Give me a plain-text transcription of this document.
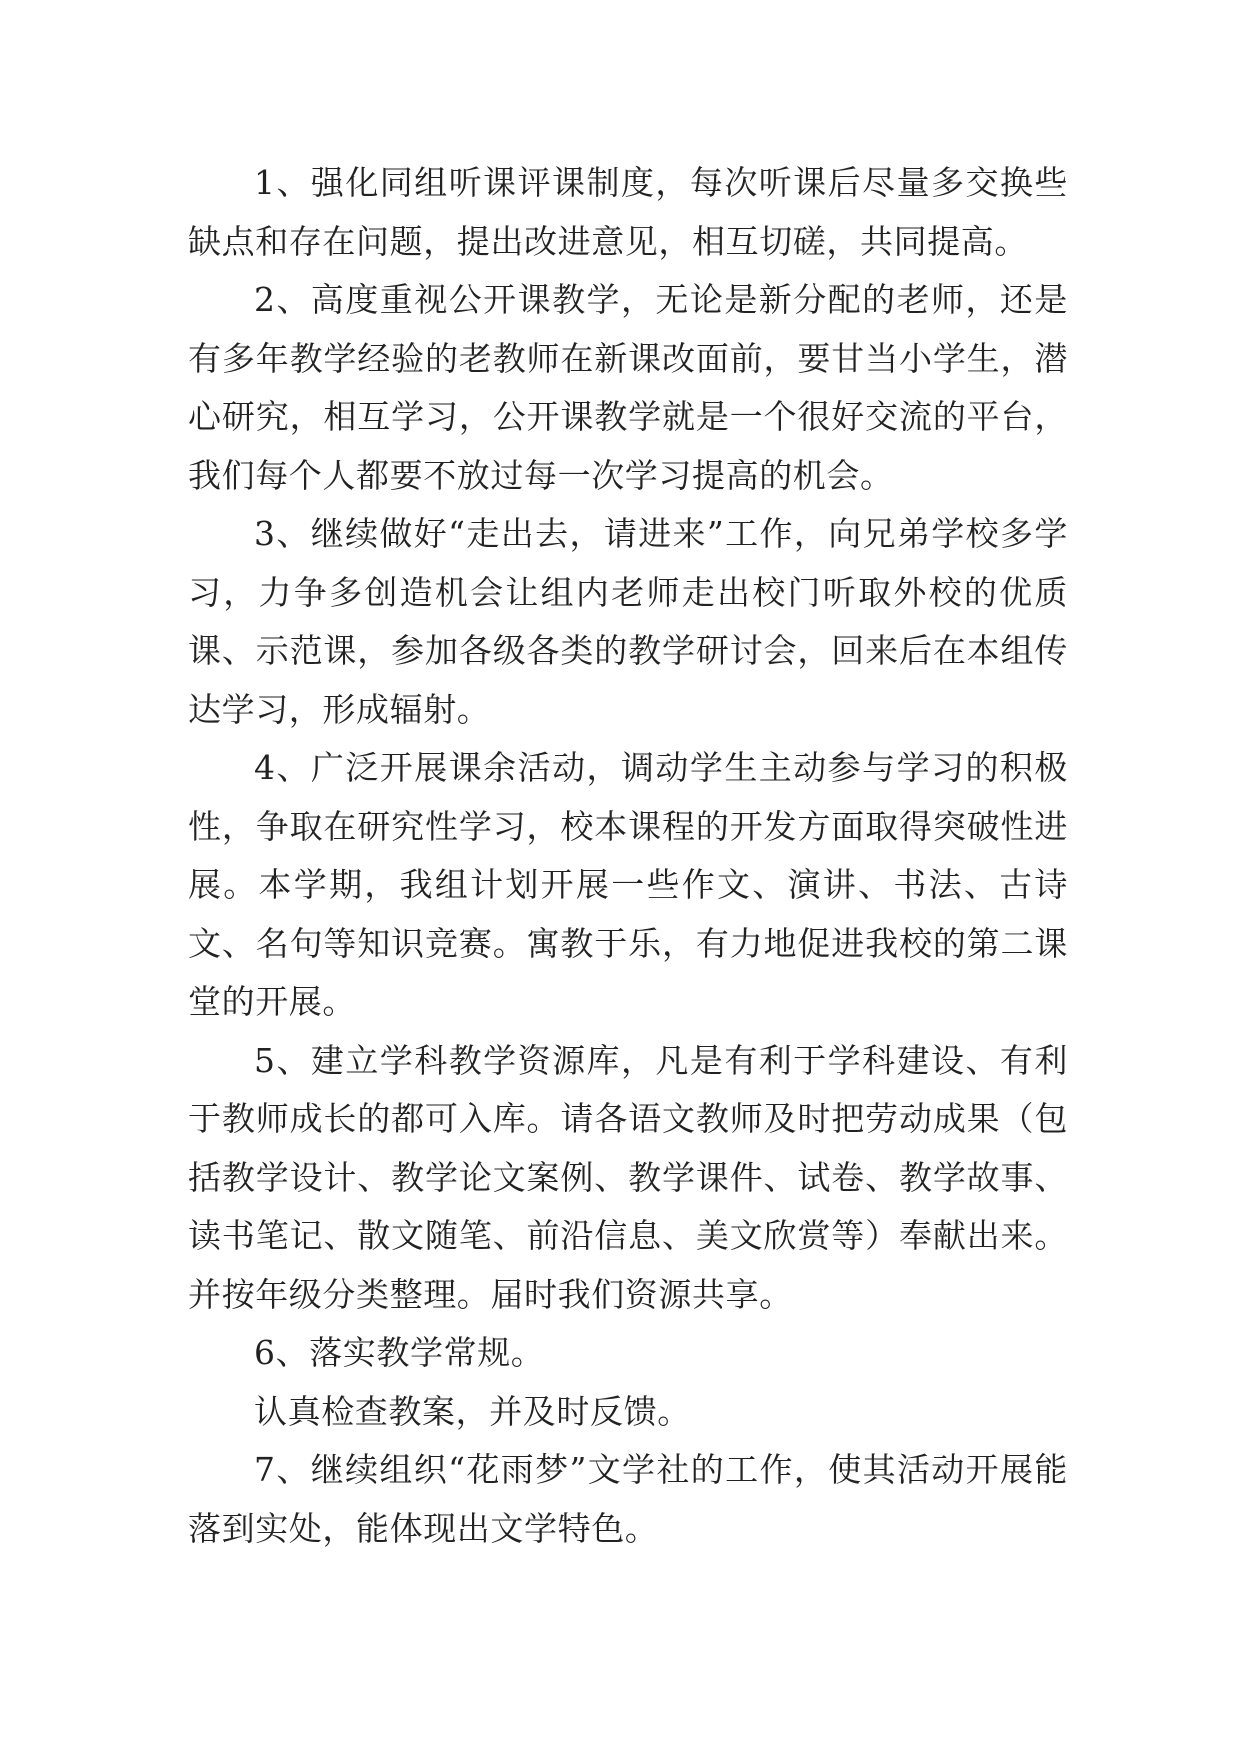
1、强化同组听课评课制度，每次听课后尽量多交换些缺点和存在问题，提出改进意见，相互切磋，共同提高。

2、高度重视公开课教学，无论是新分配的老师，还是有多年教学经验的老教师在新课改面前，要甘当小学生，潜心研究，相互学习，公开课教学就是一个很好交流的平台，我们每个人都要不放过每一次学习提高的机会。

3、继续做好“走出去，请进来”工作，向兄弟学校多学习，力争多创造机会让组内老师走出校门听取外校的优质课、示范课，参加各级各类的教学研讨会，回来后在本组传达学习，形成辐射。

4、广泛开展课余活动，调动学生主动参与学习的积极性，争取在研究性学习，校本课程的开发方面取得突破性进展。本学期，我组计划开展一些作文、演讲、书法、古诗文、名句等知识竞赛。寓教于乐，有力地促进我校的第二课堂的开展。

5、建立学科教学资源库，凡是有利于学科建设、有利于教师成长的都可入库。请各语文教师及时把劳动成果（包括教学设计、教学论文案例、教学课件、试卷、教学故事、读书笔记、散文随笔、前沿信息、美文欣赏等）奉献出来。并按年级分类整理。届时我们资源共享。

6、落实教学常规。

认真检查教案，并及时反馈。

7、继续组织“花雨梦”文学社的工作，使其活动开展能落到实处，能体现出文学特色。
